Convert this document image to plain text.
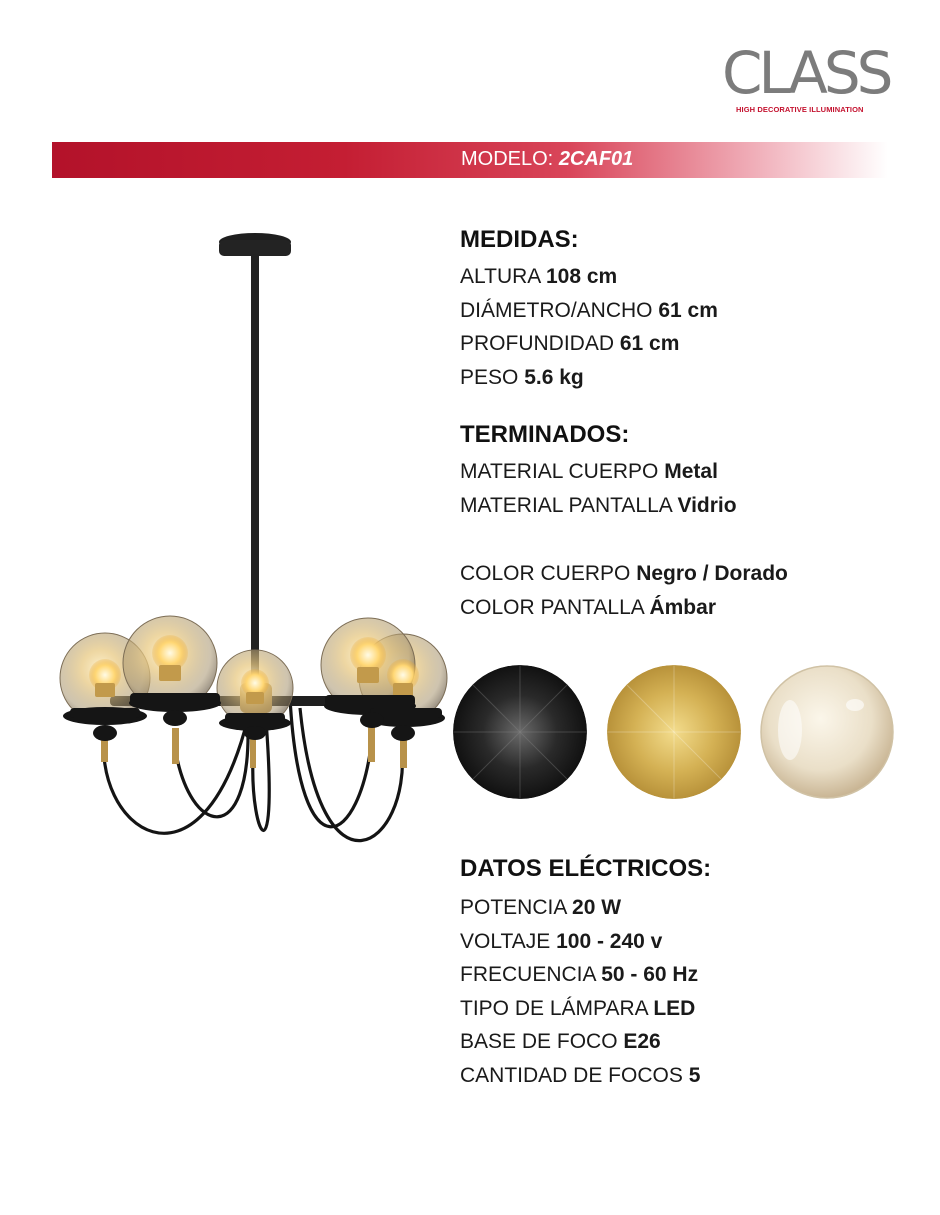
CLASS
HIGH DECORATIVE ILLUMINATION
MODELO: 2CAF01
MEDIDAS:
ALTURA 108 cm
DIÁMETRO/ANCHO 61 cm
PROFUNDIDAD 61 cm
PESO 5.6 kg
TERMINADOS:
MATERIAL CUERPO Metal
MATERIAL PANTALLA Vidrio
COLOR CUERPO Negro / Dorado
COLOR PANTALLA Ámbar
DATOS ELÉCTRICOS:
POTENCIA 20 W
VOLTAJE 100 - 240 v
FRECUENCIA 50 - 60 Hz
TIPO DE LÁMPARA LED
BASE DE FOCO E26
CANTIDAD DE FOCOS 5
